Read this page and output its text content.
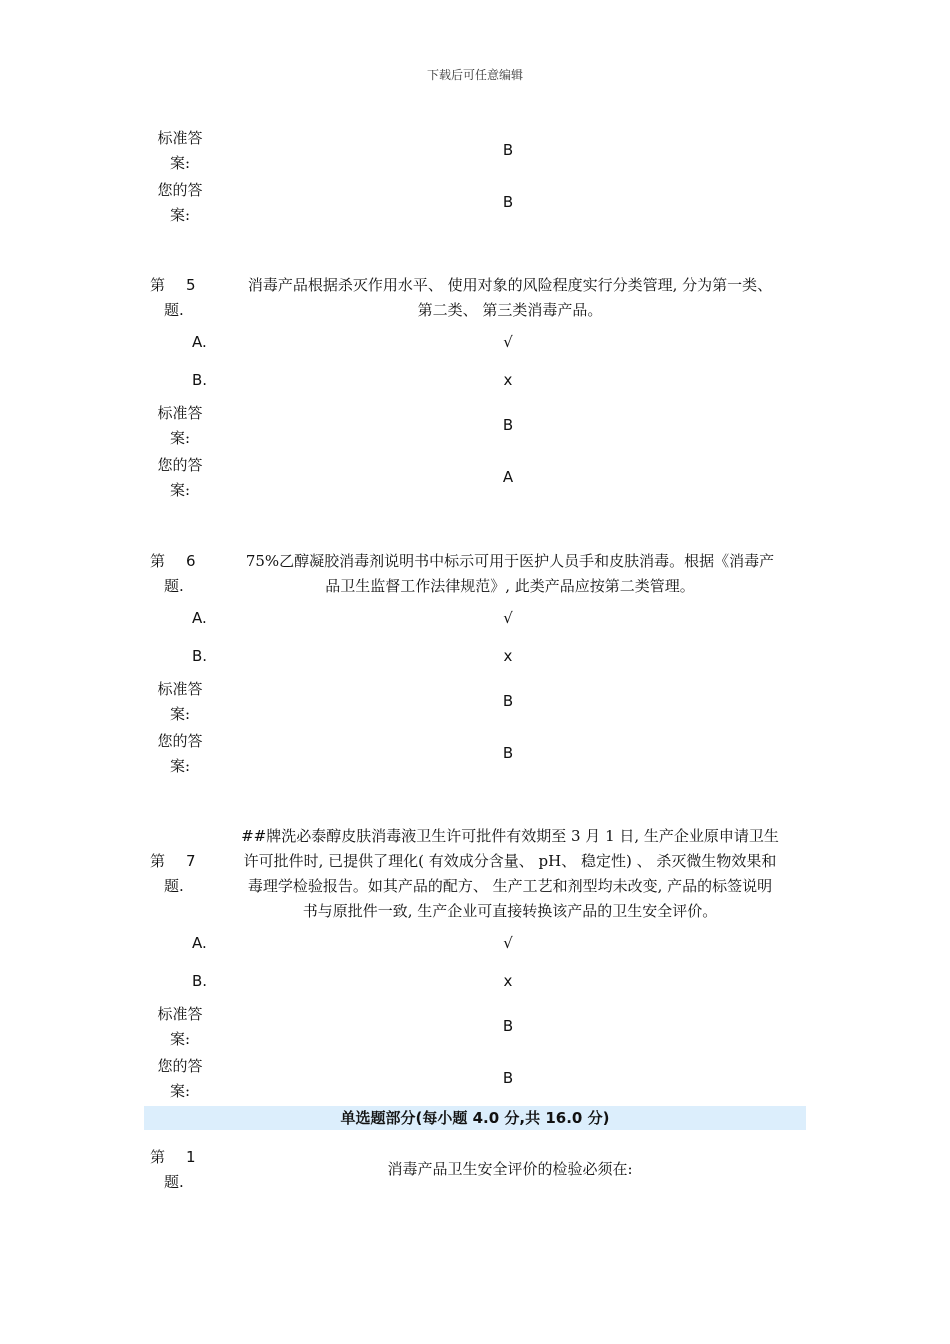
下载后可任意编辑
标准答案:
B
您的答案:
B
第 5
题.
消毒产品根据杀灭作用水平、 使用对象的风险程度实行分类管理, 分为第一类、
第二类、 第三类消毒产品。
A.	√
B.	x
标准答案:
B
您的答案:
A
第 6
题.
75%乙醇凝胶消毒剂说明书中标示可用于医护人员手和皮肤消毒。根据《消毒产
品卫生监督工作法律规范》, 此类产品应按第二类管理。
A.	√
B.	x
标准答案:
B
您的答案:
B
第 7
题.
##牌洗必泰醇皮肤消毒液卫生许可批件有效期至 3 月 1 日, 生产企业原申请卫生
许可批件时, 已提供了理化( 有效成分含量、 pH、 稳定性) 、 杀灭微生物效果和
毒理学检验报告。如其产品的配方、 生产工艺和剂型均未改变, 产品的标签说明
书与原批件一致, 生产企业可直接转换该产品的卫生安全评价。
A.	√
B.	x
标准答案:
B
您的答案:
B
单选题部分(每小题 4.0 分,共 16.0 分)
第 1
题.
消毒产品卫生安全评价的检验必须在:
